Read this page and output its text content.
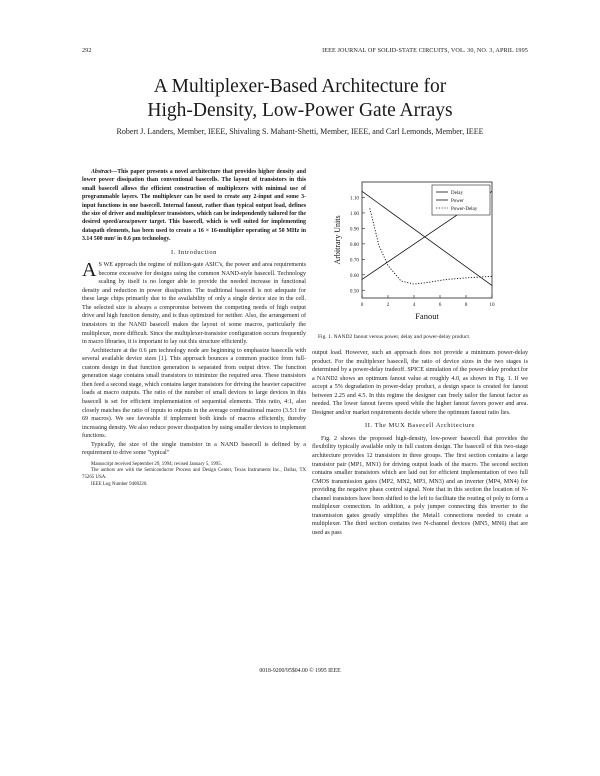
292	IEEE JOURNAL OF SOLID-STATE CIRCUITS, VOL. 30, NO. 3, APRIL 1995
A Multiplexer-Based Architecture for
High-Density, Low-Power Gate Arrays
Robert J. Landers, Member, IEEE, Shivaling S. Mahant-Shetti, Member, IEEE, and Carl Lemonds, Member, IEEE

Abstract—This paper presents a novel architecture that provides higher density and lower power dissipation than conventional basecells. The layout of transistors in this small basecell allows the efficient construction of multiplexers with minimal use of programmable layers. The multiplexer can be used to create any 2-input and some 3-input functions in one basecell. Internal fanout, rather than typical output load, defines the size of driver and multiplexer transistors, which can be independently tailored for the desired speed/area/power target. This basecell, which is well suited for implementing datapath elements, has been used to create a 16 × 16-multiplier operating at 50 MHz in 3.14 500 mm² in 0.6 µm technology.

I. Introduction

A S WE approach the regime of million-gate ASIC's, the power and area requirements become excessive for designs using the common NAND-style basecell. Technology scaling by itself is no longer able to provide the needed increase in functional density and reduction in power dissipation. The traditional basecell is not adequate for these large chips primarily due to the availability of only a single device size in the cell. The selected size is always a compromise between the competing needs of high output drive and high function density, and is thus optimized for neither. Also, the arrangement of transistors in the NAND basecell makes the layout of some macros, particularly the multiplexer, more difficult. Since the multiplexer-transistor configuration occurs frequently in macro libraries, it is important to lay out this structure efficiently.

Architecture at the 0.6 µm technology node are beginning to emphasize basecells with several available device sizes [1]. This approach bounces a common practice from full-custom design in that function generation is separated from output drive. The function generation stage contains small transistors to minimize the required area. These transistors then feed a second stage, which contains larger transistors for driving the heavier capacitive loads at macro outputs. The ratio of the number of small devices to large devices in this basecell is set for efficient implementation of sequential elements. This ratio, 4:1, also closely matches the ratio of inputs to outputs in the average combinational macro (3.5:1 for 69 macros). We see favorable if implement both kinds of macros efficiently, thereby increasing density. We also reduce power dissipation by using smaller devices to implement functions.

Typically, the size of the single transistor in a NAND basecell is defined by a requirement to drive some "typical"

Manuscript received September 29, 1994; revised January 5, 1995.
The authors are with the Semiconductor Process and Design Center, Texas Instruments Inc., Dallas, TX 75265 USA.
IEEE Log Number 9408220.
1.10
1.00
0.90
0.80
0.70
0.60
0.50
0	2	4	6	8	10
Fanout
Arbitrary Units
Delay
Power
Power-Delay
Fig. 1. NAND2 fanout versus power, delay and power-delay product.

output load. However, such an approach does not provide a minimum power-delay product. For the multiplexer basecell, the ratio of device sizes in the two stages is determined by a power-delay tradeoff. SPICE simulation of the power-delay product for a NAND2 shows an optimum fanout value at roughly 4.0, as shown in Fig. 1. If we accept a 5% degradation in power-delay product, a design space is created for fanout between 2.25 and 4.5. In this regime the designer can freely tailor the fanout factor as needed. The lower fanout favors speed while the higher fanout favors power and area. Designer and/or market requirements decide where the optimum fanout ratio lies.

II. The MUX Basecell Architecture

Fig. 2 shows the proposed high-density, low-power basecell that provides the flexibility typically available only in full custom design. The basecell of this two-stage architecture provides 12 transistors in three groups. The first section contains a large transistor pair (MP1, MN1) for driving output loads of the macro. The second section contains smaller transistors which are laid out for efficient implementation of two full CMOS transmission gates (MP2, MN2, MP3, MN3) and an inverter (MP4, MN4) for providing the negative phase control signal. Note that in this section the location of N-channel transistors have been shifted to the left to facilitate the routing of poly to form a multiplexer connection. In addition, a poly jumper connecting this inverter to the transmission gates greatly simplifies the Metal1 connections needed to create a multiplexer. The third section contains two N-channel devices (MN5, MN6) that are used as pass

0018-9200/95$04.00 © 1995 IEEE
